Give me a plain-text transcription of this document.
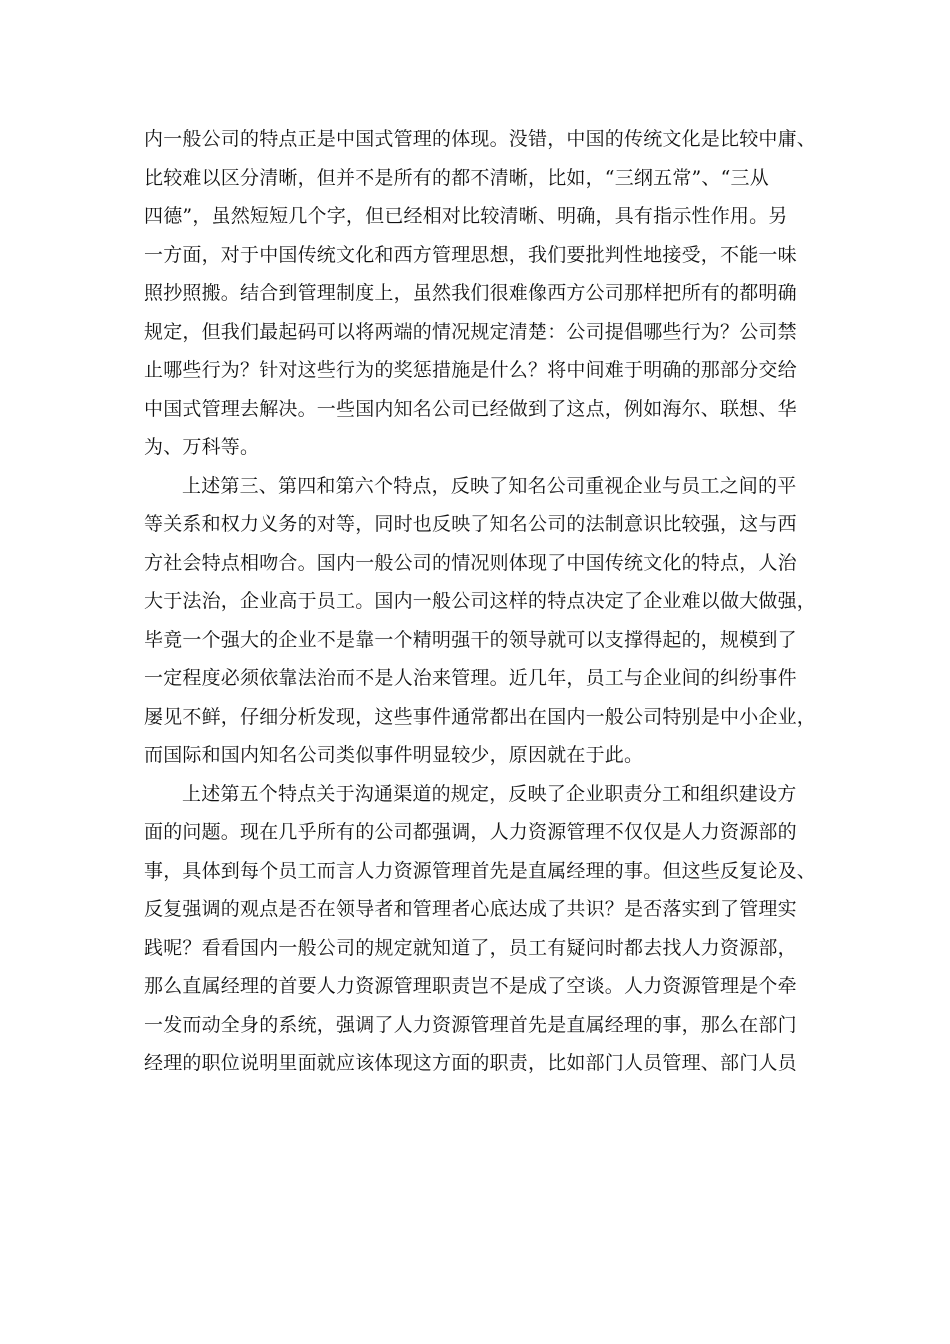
内一般公司的特点正是中国式管理的体现。没错，中国的传统文化是比较中庸、
比较难以区分清晰，但并不是所有的都不清晰，比如，“三纲五常”、“三从
四德”，虽然短短几个字，但已经相对比较清晰、明确，具有指示性作用。另
一方面，对于中国传统文化和西方管理思想，我们要批判性地接受，不能一味
照抄照搬。结合到管理制度上，虽然我们很难像西方公司那样把所有的都明确
规定，但我们最起码可以将两端的情况规定清楚：公司提倡哪些行为？公司禁
止哪些行为？针对这些行为的奖惩措施是什么？将中间难于明确的那部分交给
中国式管理去解决。一些国内知名公司已经做到了这点，例如海尔、联想、华
为、万科等。
上述第三、第四和第六个特点，反映了知名公司重视企业与员工之间的平
等关系和权力义务的对等，同时也反映了知名公司的法制意识比较强，这与西
方社会特点相吻合。国内一般公司的情况则体现了中国传统文化的特点，人治
大于法治，企业高于员工。国内一般公司这样的特点决定了企业难以做大做强，
毕竟一个强大的企业不是靠一个精明强干的领导就可以支撑得起的，规模到了
一定程度必须依靠法治而不是人治来管理。近几年，员工与企业间的纠纷事件
屡见不鲜，仔细分析发现，这些事件通常都出在国内一般公司特别是中小企业，
而国际和国内知名公司类似事件明显较少，原因就在于此。
上述第五个特点关于沟通渠道的规定，反映了企业职责分工和组织建设方
面的问题。现在几乎所有的公司都强调，人力资源管理不仅仅是人力资源部的
事，具体到每个员工而言人力资源管理首先是直属经理的事。但这些反复论及、
反复强调的观点是否在领导者和管理者心底达成了共识？是否落实到了管理实
践呢？看看国内一般公司的规定就知道了，员工有疑问时都去找人力资源部，
那么直属经理的首要人力资源管理职责岂不是成了空谈。人力资源管理是个牵
一发而动全身的系统，强调了人力资源管理首先是直属经理的事，那么在部门
经理的职位说明里面就应该体现这方面的职责，比如部门人员管理、部门人员
